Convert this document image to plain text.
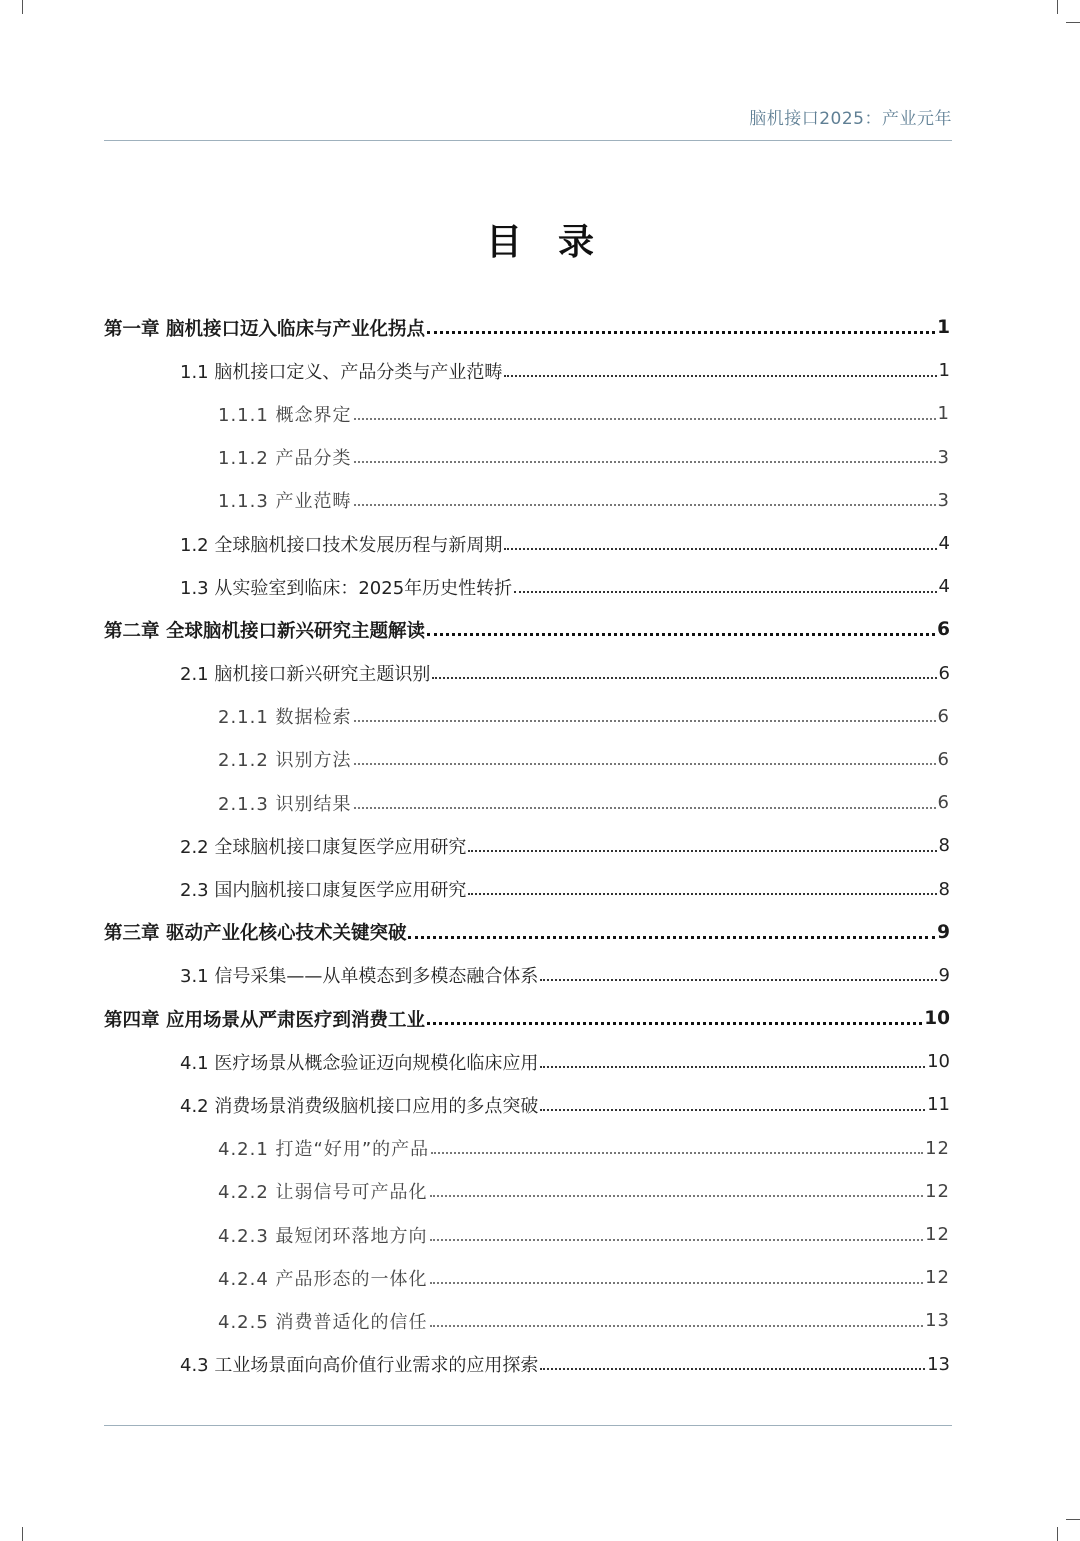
脑机接口2025：产业元年
目录
第一章 脑机接口迈入临床与产业化拐点	1
1.1 脑机接口定义、产品分类与产业范畴	1
1.1.1 概念界定	1
1.1.2 产品分类	3
1.1.3 产业范畴	3
1.2 全球脑机接口技术发展历程与新周期	4
1.3 从实验室到临床：2025年历史性转折	4
第二章 全球脑机接口新兴研究主题解读	6
2.1 脑机接口新兴研究主题识别	6
2.1.1 数据检索	6
2.1.2 识别方法	6
2.1.3 识别结果	6
2.2 全球脑机接口康复医学应用研究	8
2.3 国内脑机接口康复医学应用研究	8
第三章 驱动产业化核心技术关键突破	9
3.1 信号采集——从单模态到多模态融合体系	9
第四章 应用场景从严肃医疗到消费工业	10
4.1 医疗场景从概念验证迈向规模化临床应用	10
4.2 消费场景消费级脑机接口应用的多点突破	11
4.2.1 打造“好用”的产品	12
4.2.2 让弱信号可产品化	12
4.2.3 最短闭环落地方向	12
4.2.4 产品形态的一体化	12
4.2.5 消费普适化的信任	13
4.3 工业场景面向高价值行业需求的应用探索	13
